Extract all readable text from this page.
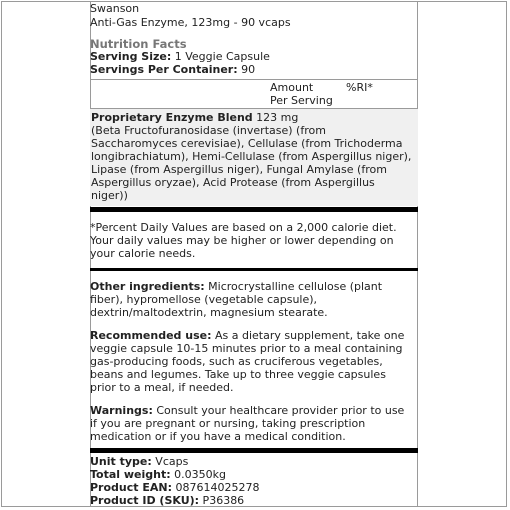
Swanson
Anti-Gas Enzyme, 123mg - 90 vcaps
Nutrition Facts
Serving Size: 1 Veggie Capsule
Servings Per Container: 90
Amount
Per Serving
%RI*
Proprietary Enzyme Blend 123 mg
(Beta Fructofuranosidase (invertase) (from
Saccharomyces cerevisiae), Cellulase (from Trichoderma
longibrachiatum), Hemi-Cellulase (from Aspergillus niger),
Lipase (from Aspergillus niger), Fungal Amylase (from
Aspergillus oryzae), Acid Protease (from Aspergillus
niger))
*Percent Daily Values are based on a 2,000 calorie diet.
Your daily values may be higher or lower depending on
your calorie needs.
Other ingredients: Microcrystalline cellulose (plant
fiber), hypromellose (vegetable capsule),
dextrin/maltodextrin, magnesium stearate.
Recommended use: As a dietary supplement, take one
veggie capsule 10-15 minutes prior to a meal containing
gas-producing foods, such as cruciferous vegetables,
beans and legumes. Take up to three veggie capsules
prior to a meal, if needed.
Warnings: Consult your healthcare provider prior to use
if you are pregnant or nursing, taking prescription
medication or if you have a medical condition.
Unit type: Vcaps
Total weight: 0.0350kg
Product EAN: 087614025278
Product ID (SKU): P36386
